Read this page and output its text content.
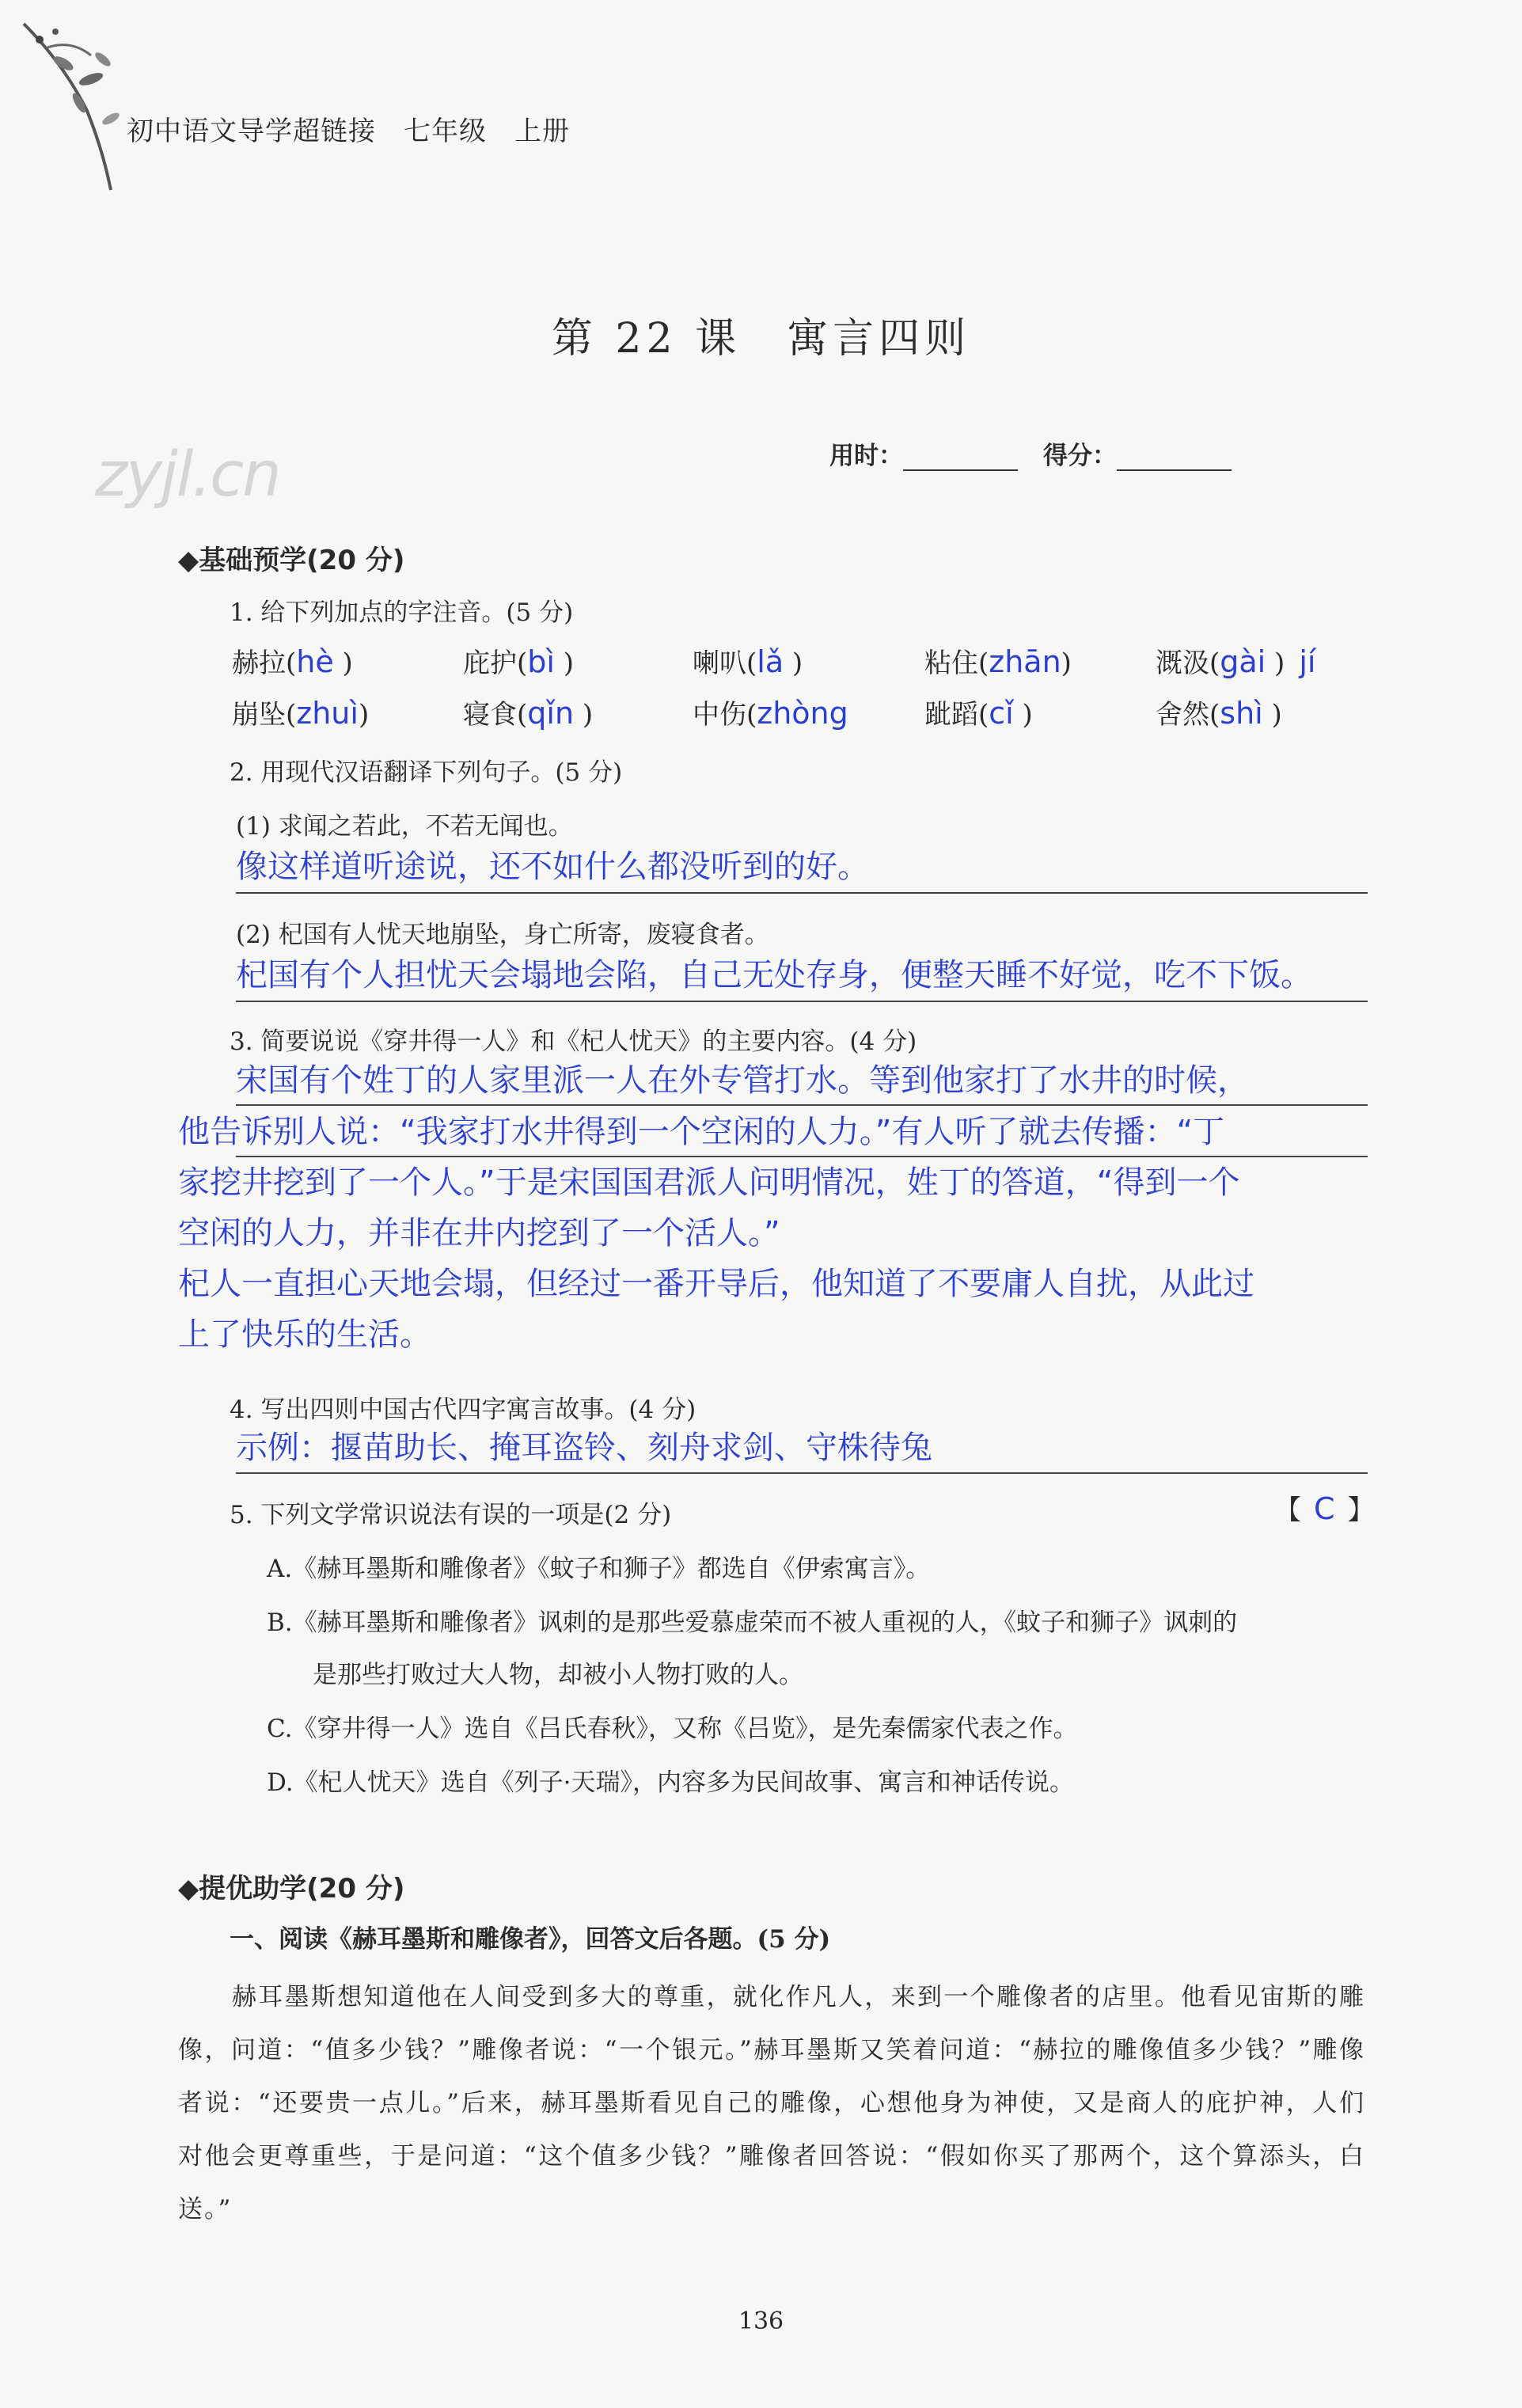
初中语文导学超链接　七年级　上册
第 22 课　寓言四则
zyjl.cn	用时：	得分：
◆基础预学(20 分)
1. 给下列加点的字注音。(5 分)
赫拉(hè )	庇护(bì )	喇叭(lǎ )	粘住(zhān)	溉汲(gài ) jí
崩坠(zhuì)	寝食(qǐn )	中伤(zhòng	跐蹈(cǐ )	舍然(shì )
2. 用现代汉语翻译下列句子。(5 分)
(1) 求闻之若此，不若无闻也。
像这样道听途说，还不如什么都没听到的好。
(2) 杞国有人忧天地崩坠，身亡所寄，废寝食者。
杞国有个人担忧天会塌地会陷，自己无处存身，便整天睡不好觉，吃不下饭。
3. 简要说说《穿井得一人》和《杞人忧天》的主要内容。(4 分)
宋国有个姓丁的人家里派一人在外专管打水。等到他家打了水井的时候，
他告诉别人说：“我家打水井得到一个空闲的人力。”有人听了就去传播：“丁
家挖井挖到了一个人。”于是宋国国君派人问明情况，姓丁的答道，“得到一个
空闲的人力，并非在井内挖到了一个活人。”
杞人一直担心天地会塌，但经过一番开导后，他知道了不要庸人自扰，从此过
上了快乐的生活。
4. 写出四则中国古代四字寓言故事。(4 分)
示例：揠苗助长、掩耳盗铃、刻舟求剑、守株待兔
5. 下列文学常识说法有误的一项是(2 分)	【 C 】
A.《赫耳墨斯和雕像者》《蚊子和狮子》都选自《伊索寓言》。
B.《赫耳墨斯和雕像者》讽刺的是那些爱慕虚荣而不被人重视的人，《蚊子和狮子》讽刺的
是那些打败过大人物，却被小人物打败的人。
C.《穿井得一人》选自《吕氏春秋》，又称《吕览》，是先秦儒家代表之作。
D.《杞人忧天》选自《列子·天瑞》，内容多为民间故事、寓言和神话传说。
◆提优助学(20 分)
一、阅读《赫耳墨斯和雕像者》，回答文后各题。(5 分)
赫耳墨斯想知道他在人间受到多大的尊重，就化作凡人，来到一个雕像者的店里。他看见宙斯的雕像，问道：“值多少钱？”雕像者说：“一个银元。”赫耳墨斯又笑着问道：“赫拉的雕像值多少钱？”雕像者说：“还要贵一点儿。”后来，赫耳墨斯看见自己的雕像，心想他身为神使，又是商人的庇护神，人们对他会更尊重些，于是问道：“这个值多少钱？”雕像者回答说：“假如你买了那两个，这个算添头，白送。”
136
